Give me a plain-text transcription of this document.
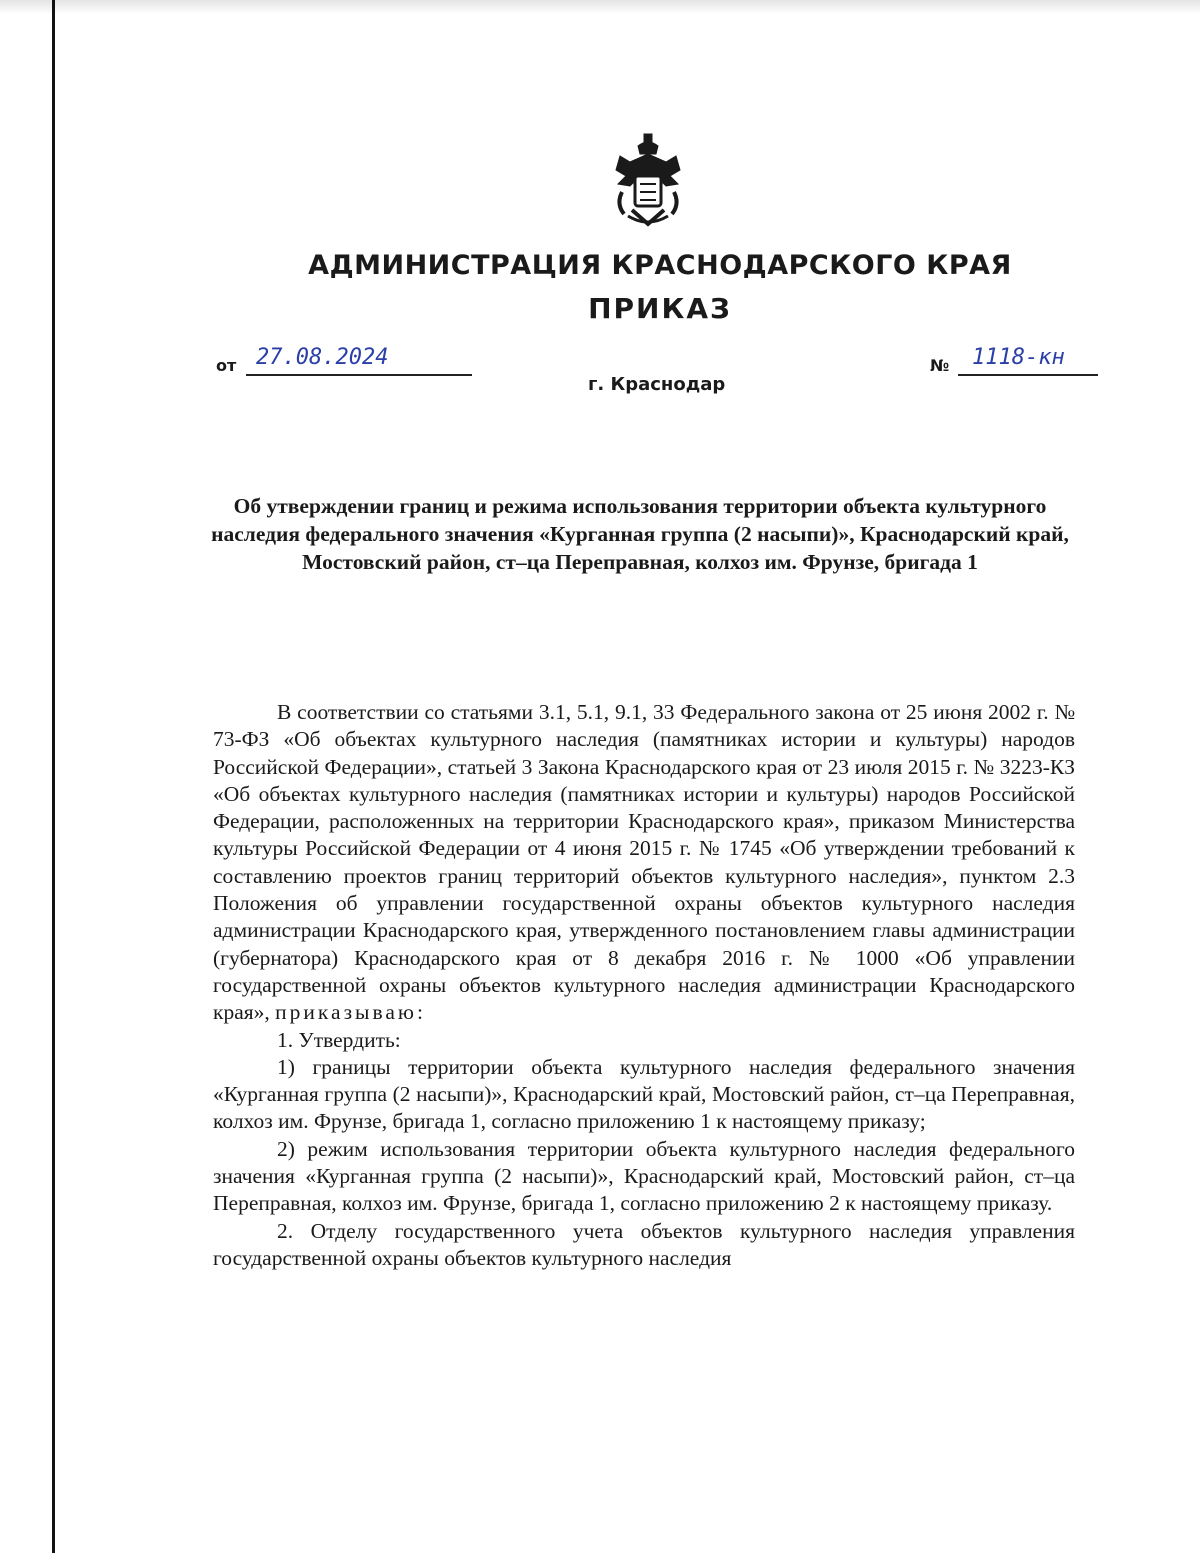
АДМИНИСТРАЦИЯ КРАСНОДАРСКОГО КРАЯ
ПРИКАЗ
от 27.08.2024
г. Краснодар
№ 1118-кн
Об утверждении границ и режима использования территории объекта культурного наследия федерального значения «Курганная группа (2 насыпи)», Краснодарский край, Мостовский район, ст–ца Переправная, колхоз им. Фрунзе, бригада 1

В соответствии со статьями 3.1, 5.1, 9.1, 33 Федерального закона от 25 июня 2002 г. № 73-ФЗ «Об объектах культурного наследия (памятниках истории и культуры) народов Российской Федерации», статьей 3 Закона Краснодарского края от 23 июля 2015 г. № 3223-КЗ «Об объектах культурного наследия (памятниках истории и культуры) народов Российской Федерации, расположенных на территории Краснодарского края», приказом Министерства культуры Российской Федерации от 4 июня 2015 г. № 1745 «Об утверждении требований к составлению проектов границ территорий объектов культурного наследия», пунктом 2.3 Положения об управлении государственной охраны объектов культурного наследия администрации Краснодарского края, утвержденного постановлением главы администрации (губернатора) Краснодарского края от 8 декабря 2016 г. № 1000 «Об управлении государственной охраны объектов культурного наследия администрации Краснодарского края», приказываю:

1. Утвердить:

1) границы территории объекта культурного наследия федерального значения «Курганная группа (2 насыпи)», Краснодарский край, Мостовский район, ст–ца Переправная, колхоз им. Фрунзе, бригада 1, согласно приложению 1 к настоящему приказу;

2) режим использования территории объекта культурного наследия федерального значения «Курганная группа (2 насыпи)», Краснодарский край, Мостовский район, ст–ца Переправная, колхоз им. Фрунзе, бригада 1, согласно приложению 2 к настоящему приказу.

2. Отделу государственного учета объектов культурного наследия управления государственной охраны объектов культурного наследия
